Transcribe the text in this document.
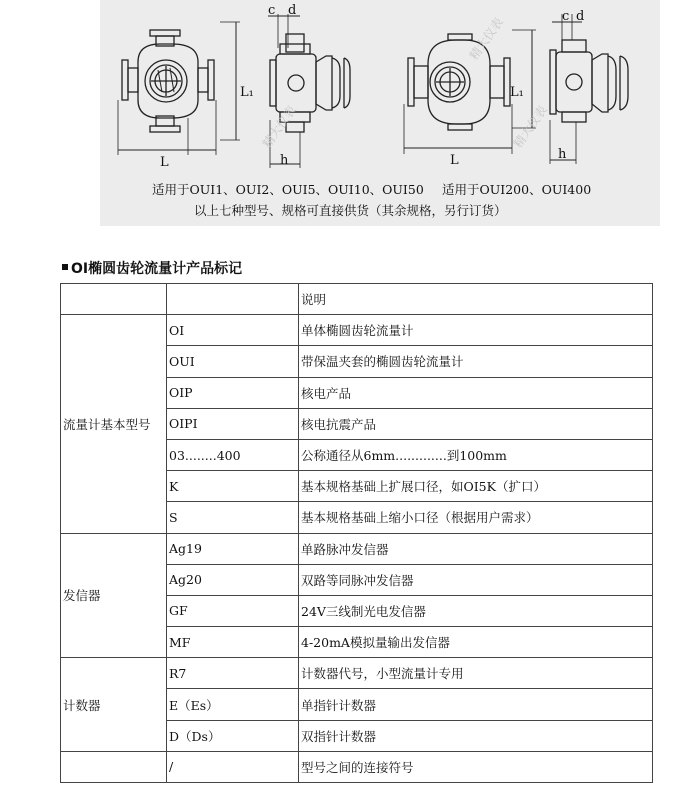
c d
L
L₁
h
c d
L
L₁
h
精大仪表
精大仪表
精大仪表
适用于OUI1、OUI2、OUI5、OUI10、OUI50 适用于OUI200、OUI400
以上七种型号、规格可直接供货（其余规格，另行订货）
OI椭圆齿轮流量计产品标记
		说明
流量计基本型号	OI	单体椭圆齿轮流量计
	OUI	带保温夹套的椭圆齿轮流量计
	OIP	核电产品
	OIPI	核电抗震产品
	03........400	公称通径从6mm.............到100mm
	K	基本规格基础上扩展口径，如OI5K（扩口）
	S	基本规格基础上缩小口径（根据用户需求）
发信器	Ag19	单路脉冲发信器
	Ag20	双路等同脉冲发信器
	GF	24V三线制光电发信器
	MF	4-20mA模拟量输出发信器
计数器	R7	计数器代号，小型流量计专用
	E（Es）	单指针计数器
	D（Ds）	双指针计数器
	/	型号之间的连接符号
